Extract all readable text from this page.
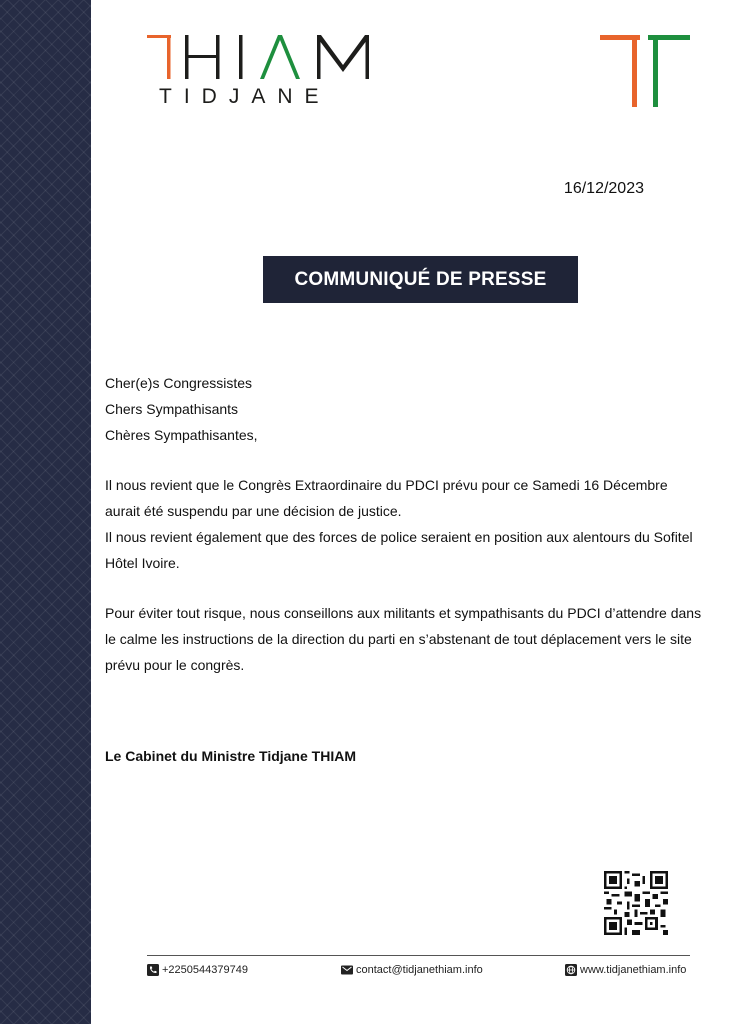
TIDJANE
16/12/2023
COMMUNIQUÉ DE PRESSE

Cher(e)s Congressistes

Chers Sympathisants

Chères Sympathisantes,

Il nous revient que le Congrès Extraordinaire du PDCI prévu pour ce Samedi 16 Décembre aurait été suspendu par une décision de justice.

Il nous revient également que des forces de police seraient en position aux alentours du Sofitel Hôtel Ivoire.

Pour éviter tout risque, nous conseillons aux militants et sympathisants du PDCI d’attendre dans le calme les instructions de la direction du parti en s’abstenant de tout déplacement vers le site prévu pour le congrès.

Le Cabinet du Ministre Tidjane THIAM
+2250544379749	contact@tidjanethiam.info	www.tidjanethiam.info
